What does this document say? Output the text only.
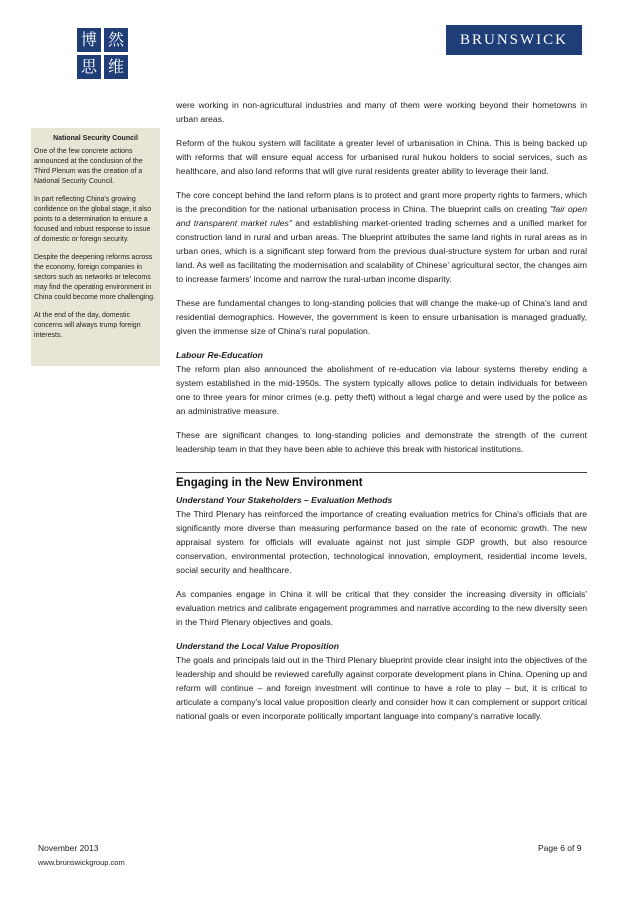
博 然
思 维
BRUNSWICK
National Security Council

One of the few concrete actions announced at the conclusion of the Third Plenum was the creation of a National Security Council.

In part reflecting China's growing confidence on the global stage, it also points to a determination to ensure a focused and robust response to issue of domestic or foreign security.

Despite the deepening reforms across the economy, foreign companies in sectors such as networks or telecoms may find the operating environment in China could become more challenging.

At the end of the day, domestic concerns will always trump foreign interests.

were working in non-agricultural industries and many of them were working beyond their hometowns in urban areas.

Reform of the hukou system will facilitate a greater level of urbanisation in China. This is being backed up with reforms that will ensure equal access for urbanised rural hukou holders to social services, such as healthcare, and also land reforms that will give rural residents greater ability to leverage their land.

The core concept behind the land reform plans is to protect and grant more property rights to farmers, which is the precondition for the national urbanisation process in China. The blueprint calls on creating "fair open and transparent market rules" and establishing market-oriented trading schemes and a unified market for construction land in rural and urban areas. The blueprint attributes the same land rights in rural areas as in urban ones, which is a significant step forward from the previous dual-structure system for urban and rural land. As well as facilitating the modernisation and scalability of Chinese' agricultural sector, the changes aim to increase farmers' income and narrow the rural-urban income disparity.

These are fundamental changes to long-standing policies that will change the make-up of China's land and residential demographics. However, the government is keen to ensure urbanisation is managed gradually, given the immense size of China's rural population.

Labour Re-Education

The reform plan also announced the abolishment of re-education via labour systems thereby ending a system established in the mid-1950s. The system typically allows police to detain individuals for between one to three years for minor crimes (e.g. petty theft) without a legal charge and were used by the police as an administrative measure.

These are significant changes to long-standing policies and demonstrate the strength of the current leadership team in that they have been able to achieve this break with historical institutions.

Engaging in the New Environment

Understand Your Stakeholders – Evaluation Methods

The Third Plenary has reinforced the importance of creating evaluation metrics for China's officials that are significantly more diverse than measuring performance based on the rate of economic growth. The new appraisal system for officials will evaluate against not just simple GDP growth, but also resource conservation, environmental protection, technological innovation, employment, residential income levels, social security and healthcare.

As companies engage in China it will be critical that they consider the increasing diversity in officials' evaluation metrics and calibrate engagement programmes and narrative according to the new diversity seen in the Third Plenary objectives and goals.

Understand the Local Value Proposition

The goals and principals laid out in the Third Plenary blueprint provide clear insight into the objectives of the leadership and should be reviewed carefully against corporate development plans in China. Opening up and reform will continue – and foreign investment will continue to have a role to play – but, it is critical to articulate a company's local value proposition clearly and consider how it can complement or support critical national goals or even incorporate politically important language into company's narrative locally.

November 2013
www.brunswickgroup.com
Page 6 of 9
